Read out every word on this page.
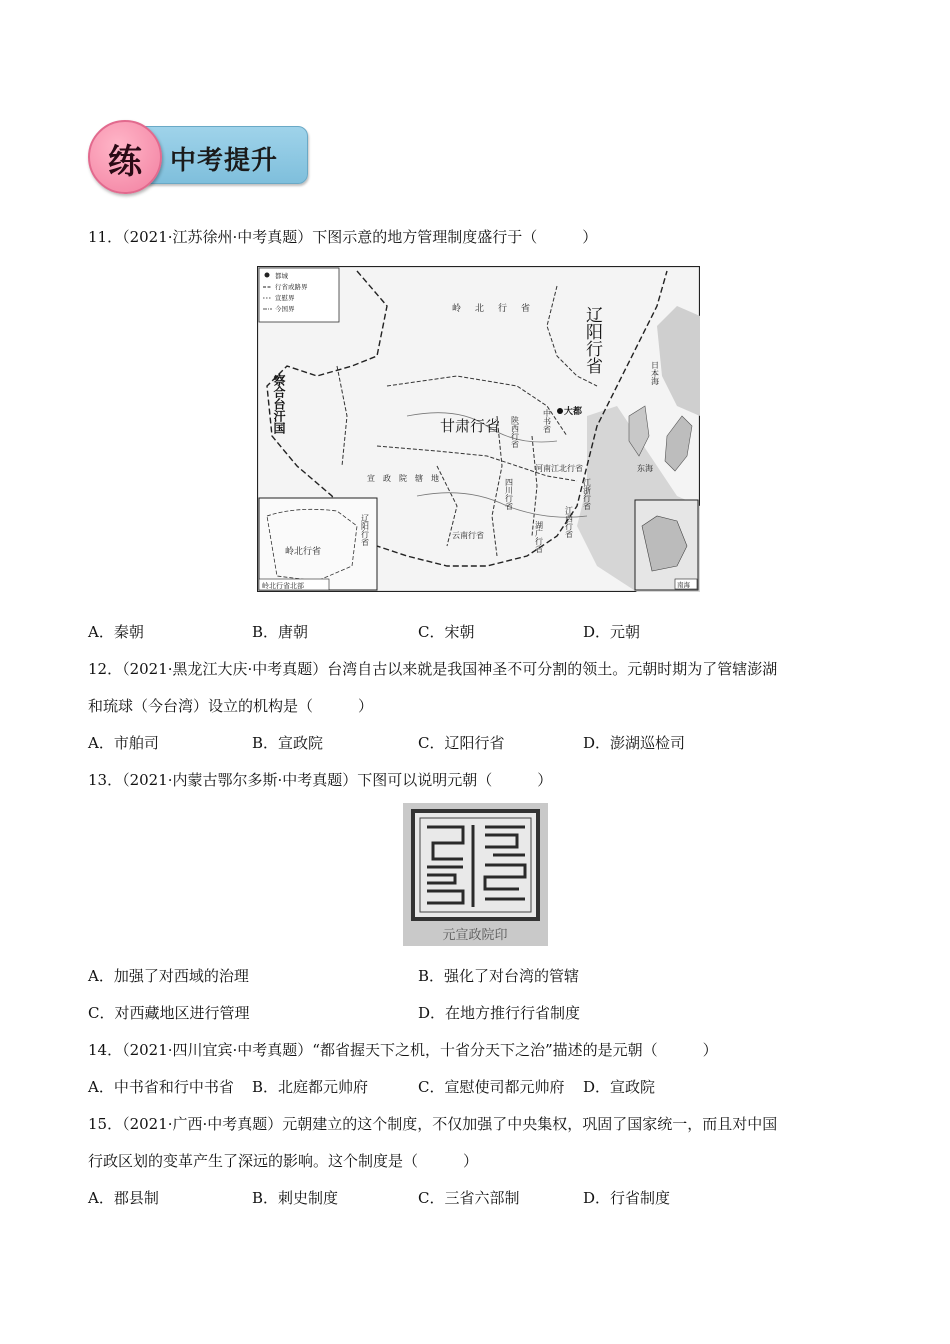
中考提升
练
11．（2021·江苏徐州·中考真题）下图示意的地方管理制度盛行于（　　　）
都城
行省或路界
宣慰界
今国界	岭北行省 辽阳行省
甘肃行省
大都
中书省
陕西行省
河南江北行省
四川行省	江浙行省
江西行省
湖广行省
云南行省
宣政院辖地
察合台汗国
东海
日本海
岭北行省
辽阳行省
岭北行省北部	南海
A．秦朝	B．唐朝	C．宋朝	D．元朝
12．（2021·黑龙江大庆·中考真题）台湾自古以来就是我国神圣不可分割的领土。元朝时期为了管辖澎湖
和琉球（今台湾）设立的机构是（　　　）
A．市舶司	B．宣政院	C．辽阳行省	D．澎湖巡检司
13．（2021·内蒙古鄂尔多斯·中考真题）下图可以说明元朝（　　　）
元宣政院印
A．加强了对西域的治理	B．强化了对台湾的管辖
C．对西藏地区进行管理	D．在地方推行行省制度
14．（2021·四川宜宾·中考真题）“都省握天下之机，十省分天下之治”描述的是元朝（　　　）
A．中书省和行中书省 B．北庭都元帅府	C．宣慰使司都元帅府 D．宣政院
15．（2021·广西·中考真题）元朝建立的这个制度，不仅加强了中央集权，巩固了国家统一，而且对中国
行政区划的变革产生了深远的影响。这个制度是（　　　）
A．郡县制	B．刺史制度	C．三省六部制	D．行省制度
